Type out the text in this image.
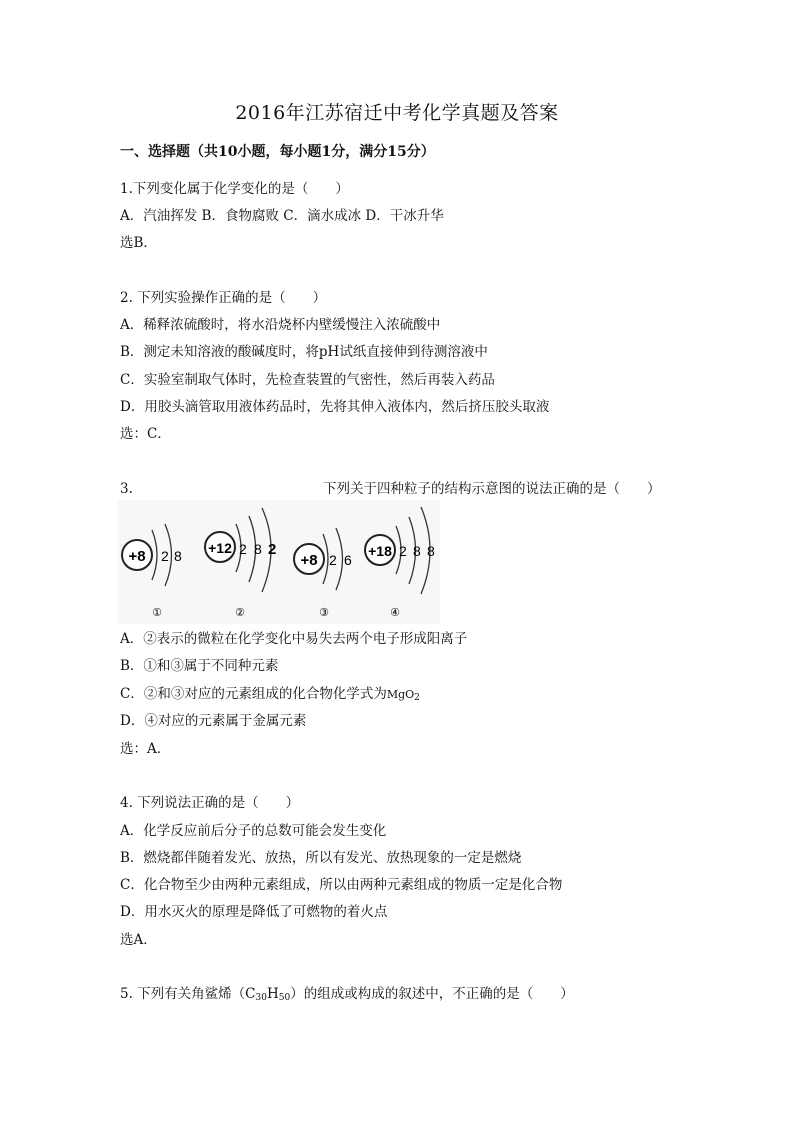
2016年江苏宿迁中考化学真题及答案
一、选择题（共10小题，每小题1分，满分15分）
1.下列变化属于化学变化的是（　　）
A．汽油挥发 B．食物腐败 C．滴水成冰 D．干冰升华
选B．
2. 下列实验操作正确的是（　　）
A．稀释浓硫酸时，将水沿烧杯内壁缓慢注入浓硫酸中
B．测定未知溶液的酸碱度时，将pH试纸直接伸到待测溶液中
C．实验室制取气体时，先检查装置的气密性，然后再装入药品
D．用胶头滴管取用液体药品时，先将其伸入液体内，然后挤压胶头取液
选：C．
3.	下列关于四种粒子的结构示意图的说法正确的是（　　）
+8 2 8
①
+12 2 8 2
②
+8 2 6
③
+18 2 8 8
④
A．②表示的微粒在化学变化中易失去两个电子形成阳离子
B．①和③属于不同种元素
C．②和③对应的元素组成的化合物化学式为MgO$_2$
D．④对应的元素属于金属元素
选：A．
4. 下列说法正确的是（　　）
A．化学反应前后分子的总数可能会发生变化
B．燃烧都伴随着发光、放热，所以有发光、放热现象的一定是燃烧
C．化合物至少由两种元素组成，所以由两种元素组成的物质一定是化合物
D．用水灭火的原理是降低了可燃物的着火点
选A．
5. 下列有关角鲨烯$(C_{30}H_{50})$的组成或构成的叙述中，不正确的是（　　）
